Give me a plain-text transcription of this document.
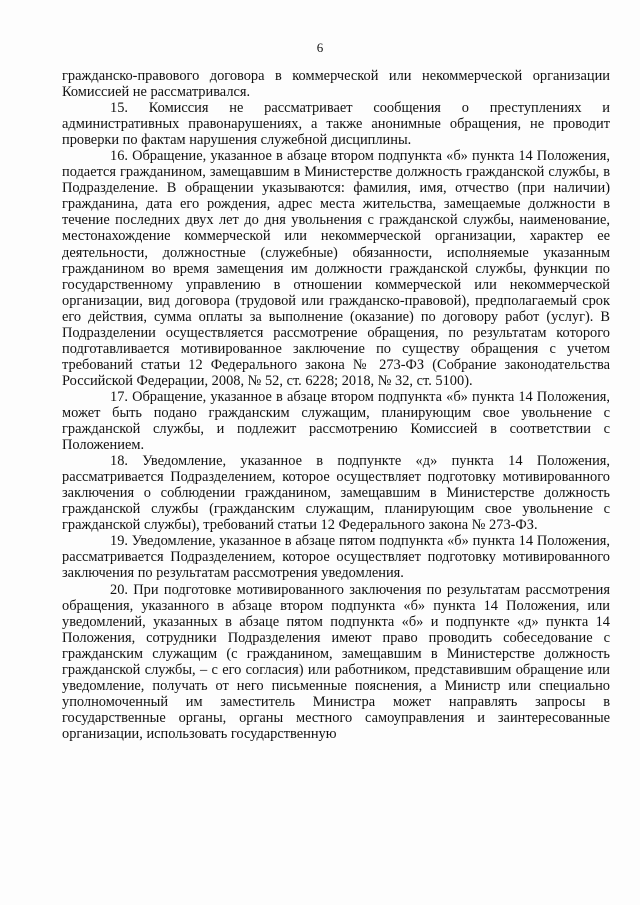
6

гражданско-правового договора в коммерческой или некоммерческой организации Комиссией не рассматривался.

15. Комиссия не рассматривает сообщения о преступлениях и административных правонарушениях, а также анонимные обращения, не проводит проверки по фактам нарушения служебной дисциплины.

16. Обращение, указанное в абзаце втором подпункта «б» пункта 14 Положения, подается гражданином, замещавшим в Министерстве должность гражданской службы, в Подразделение. В обращении указываются: фамилия, имя, отчество (при наличии) гражданина, дата его рождения, адрес места жительства, замещаемые должности в течение последних двух лет до дня увольнения с гражданской службы, наименование, местонахождение коммерческой или некоммерческой организации, характер ее деятельности, должностные (служебные) обязанности, исполняемые указанным гражданином во время замещения им должности гражданской службы, функции по государственному управлению в отношении коммерческой или некоммерческой организации, вид договора (трудовой или гражданско-правовой), предполагаемый срок его действия, сумма оплаты за выполнение (оказание) по договору работ (услуг). В Подразделении осуществляется рассмотрение обращения, по результатам которого подготавливается мотивированное заключение по существу обращения с учетом требований статьи 12 Федерального закона № 273-ФЗ (Собрание законодательства Российской Федерации, 2008, № 52, ст. 6228; 2018, № 32, ст. 5100).

17. Обращение, указанное в абзаце втором подпункта «б» пункта 14 Положения, может быть подано гражданским служащим, планирующим свое увольнение с гражданской службы, и подлежит рассмотрению Комиссией в соответствии с Положением.

18. Уведомление, указанное в подпункте «д» пункта 14 Положения, рассматривается Подразделением, которое осуществляет подготовку мотивированного заключения о соблюдении гражданином, замещавшим в Министерстве должность гражданской службы (гражданским служащим, планирующим свое увольнение с гражданской службы), требований статьи 12 Федерального закона № 273-ФЗ.

19. Уведомление, указанное в абзаце пятом подпункта «б» пункта 14 Положения, рассматривается Подразделением, которое осуществляет подготовку мотивированного заключения по результатам рассмотрения уведомления.

20. При подготовке мотивированного заключения по результатам рассмотрения обращения, указанного в абзаце втором подпункта «б» пункта 14 Положения, или уведомлений, указанных в абзаце пятом подпункта «б» и подпункте «д» пункта 14 Положения, сотрудники Подразделения имеют право проводить собеседование с гражданским служащим (с гражданином, замещавшим в Министерстве должность гражданской службы, – с его согласия) или работником, представившим обращение или уведомление, получать от него письменные пояснения, а Министр или специально уполномоченный им заместитель Министра может направлять запросы в государственные органы, органы местного самоуправления и заинтересованные организации, использовать государственную
